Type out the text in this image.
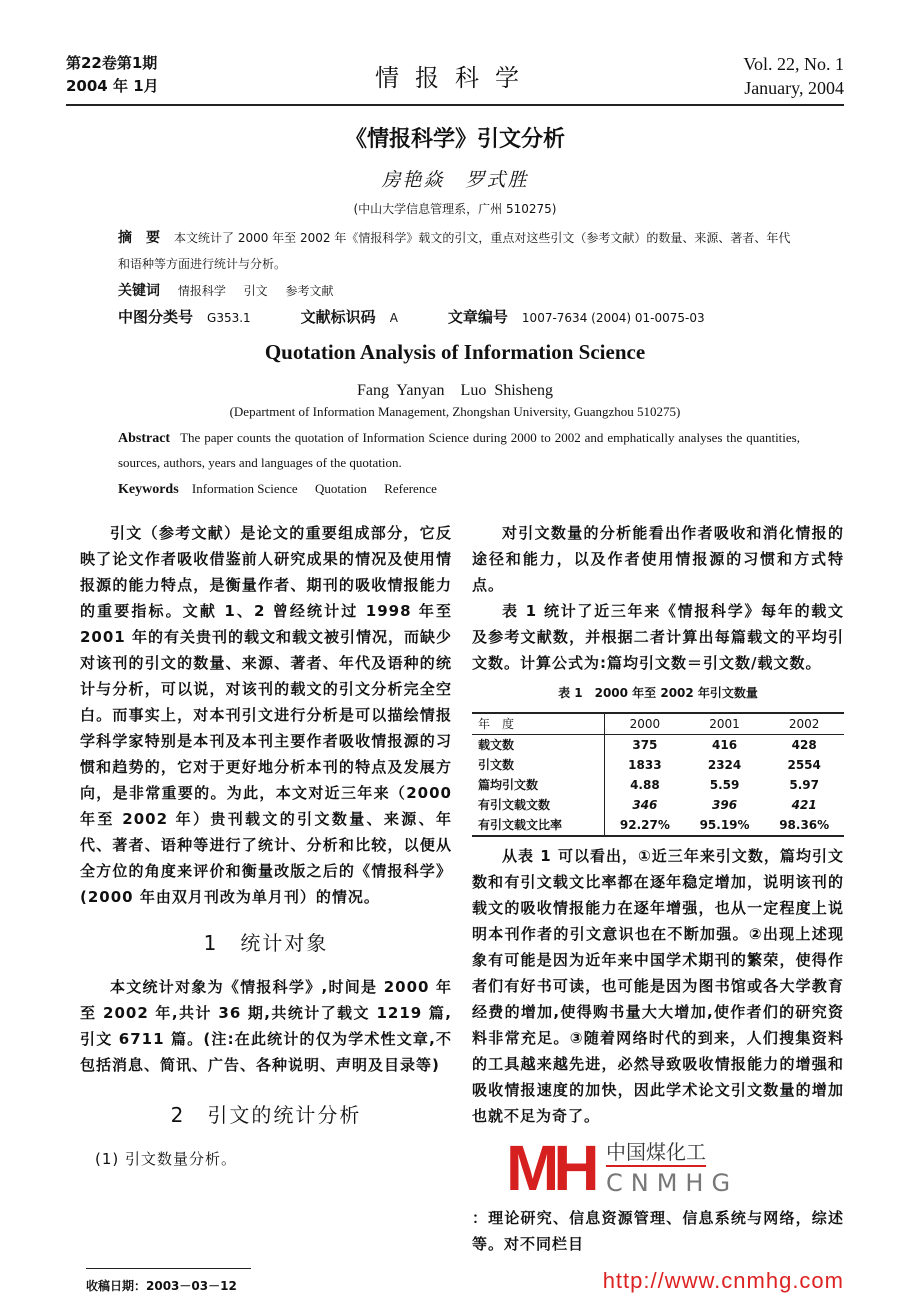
第22卷第1期
2004 年 1月	情报科学	Vol. 22, No. 1
January, 2004
《情报科学》引文分析
房艳焱　罗式胜
(中山大学信息管理系，广州 510275)
摘　要 本文统计了 2000 年至 2002 年《情报科学》载文的引文，重点对这些引文（参考文献）的数量、来源、著者、年代和语种等方面进行统计与分析。
关键词 情报科学 引文 参考文献
中图分类号 G353.1	文献标识码 A	文章编号 1007-7634 (2004) 01-0075-03
Quotation Analysis of Information Science
Fang Yanyan　Luo Shisheng
(Department of Information Management, Zhongshan University, Guangzhou 510275)
Abstract The paper counts the quotation of Information Science during 2000 to 2002 and emphatically analyses the quantities, sources, authors, years and languages of the quotation.
Keywords Information Science Quotation Reference

引文（参考文献）是论文的重要组成部分，它反映了论文作者吸收借鉴前人研究成果的情况及使用情报源的能力特点，是衡量作者、期刊的吸收情报能力的重要指标。文献 1、2 曾经统计过 1998 年至 2001 年的有关贵刊的载文和载文被引情况，而缺少对该刊的引文的数量、来源、著者、年代及语种的统计与分析，可以说，对该刊的载文的引文分析完全空白。而事实上，对本刊引文进行分析是可以描绘情报学科学家特别是本刊及本刊主要作者吸收情报源的习惯和趋势的，它对于更好地分析本刊的特点及发展方向，是非常重要的。为此，本文对近三年来（2000 年至 2002 年）贵刊载文的引文数量、来源、年代、著者、语种等进行了统计、分析和比较，以便从全方位的角度来评价和衡量改版之后的《情报科学》(2000 年由双月刊改为单月刊）的情况。

1　统计对象

本文统计对象为《情报科学》,时间是 2000 年至 2002 年,共计 36 期,共统计了载文 1219 篇,引文 6711 篇。(注:在此统计的仅为学术性文章,不包括消息、简讯、广告、各种说明、声明及目录等)

2　引文的统计分析

(1) 引文数量分析。

收稿日期：2003－03－12

对引文数量的分析能看出作者吸收和消化情报的途径和能力，以及作者使用情报源的习惯和方式特点。

表 1 统计了近三年来《情报科学》每年的载文及参考文献数，并根据二者计算出每篇载文的平均引文数。计算公式为:篇均引文数＝引文数/载文数。

表 1　2000 年至 2002 年引文数量
年　度	2000	2001	2002
载文数	375	416	428
引文数	1833	2324	2554
篇均引文数	4.88	5.59	5.97
有引文载文数	346	396	421
有引文载文比率	92.27%	95.19%	98.36%

从表 1 可以看出，①近三年来引文数，篇均引文数和有引文载文比率都在逐年稳定增加，说明该刊的载文的吸收情报能力在逐年增强，也从一定程度上说明本刊作者的引文意识也在不断加强。②出现上述现象有可能是因为近年来中国学术期刊的繁荣，使得作者们有好书可读，也可能是因为图书馆或各大学教育经费的增加,使得购书量大大增加,使作者们的研究资料非常充足。③随着网络时代的到来，人们搜集资料的工具越来越先进，必然导致吸收情报能力的增强和吸收情报速度的加快，因此学术论文引文数量的增加也就不足为奇了。

MH 中国煤化工
CNMHG

：理论研究、信息资源管理、信息系统与网络，综述等。对不同栏目

http://www.cnmhg.com
